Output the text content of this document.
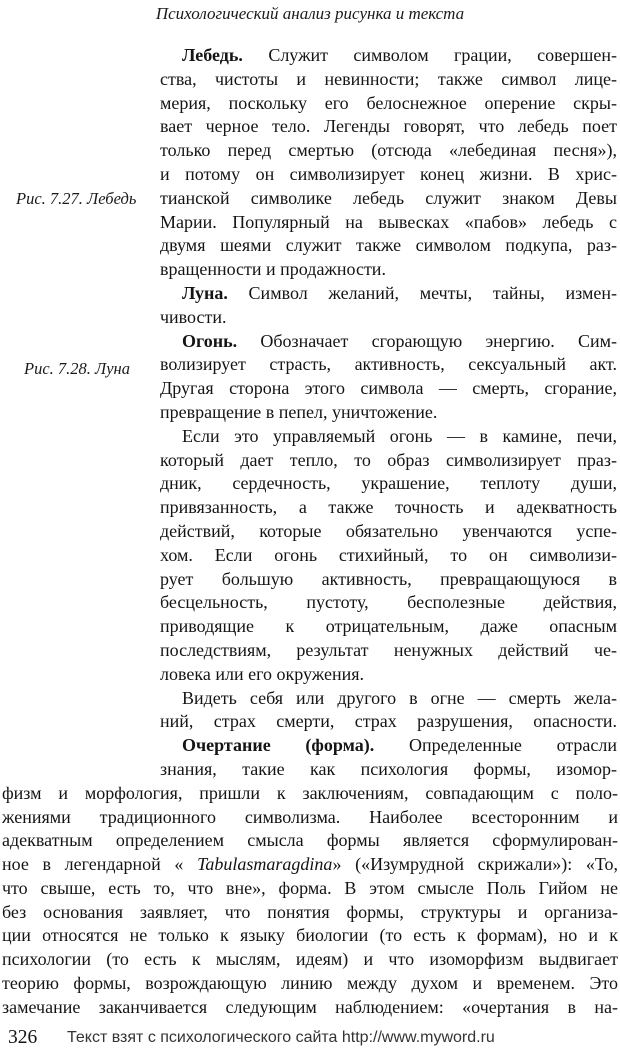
Психологический анализ рисунка и текста
Рис. 7.27. Лебедь
Рис. 7.28. Луна
Лебедь. Служит символом грации, совершен-
ства, чистоты и невинности; также символ лице-
мерия, поскольку его белоснежное оперение скры-
вает черное тело. Легенды говорят, что лебедь поет
только перед смертью (отсюда «лебединая песня»),
и потому он символизирует конец жизни. В хрис-
тианской символике лебедь служит знаком Девы
Марии. Популярный на вывесках «пабов» лебедь с
двумя шеями служит также символом подкупа, раз-
вращенности и продажности.
Луна. Символ желаний, мечты, тайны, измен-
чивости.
Огонь. Обозначает сгорающую энергию. Сим-
волизирует страсть, активность, сексуальный акт.
Другая сторона этого символа — смерть, сгорание,
превращение в пепел, уничтожение.
Если это управляемый огонь — в камине, печи,
который дает тепло, то образ символизирует праз-
дник, сердечность, украшение, теплоту души,
привязанность, а также точность и адекватность
действий, которые обязательно увенчаются успе-
хом. Если огонь стихийный, то он символизи-
рует большую активность, превращающуюся в
бесцельность, пустоту, бесполезные действия,
приводящие к отрицательным, даже опасным
последствиям, результат ненужных действий че-
ловека или его окружения.
Видеть себя или другого в огне — смерть жела-
ний, страх смерти, страх разрушения, опасности.
Очертание (форма). Определенные отрасли
знания, такие как психология формы, изомор-
физм и морфология, пришли к заключениям, совпадающим с поло-
жениями традиционного символизма. Наиболее всесторонним и
адекватным определением смысла формы является сформулирован-
ное в легендарной « Tabulasmaragdina» («Изумрудной скрижали»): «То,
что свыше, есть то, что вне», форма. В этом смысле Поль Гийом не
без основания заявляет, что понятия формы, структуры и организа-
ции относятся не только к языку биологии (то есть к формам), но и к
психологии (то есть к мыслям, идеям) и что изоморфизм выдвигает
теорию формы, возрождающую линию между духом и временем. Это
замечание заканчивается следующим наблюдением: «очертания в на-
326 Текст взят с психологического сайта http://www.myword.ru
